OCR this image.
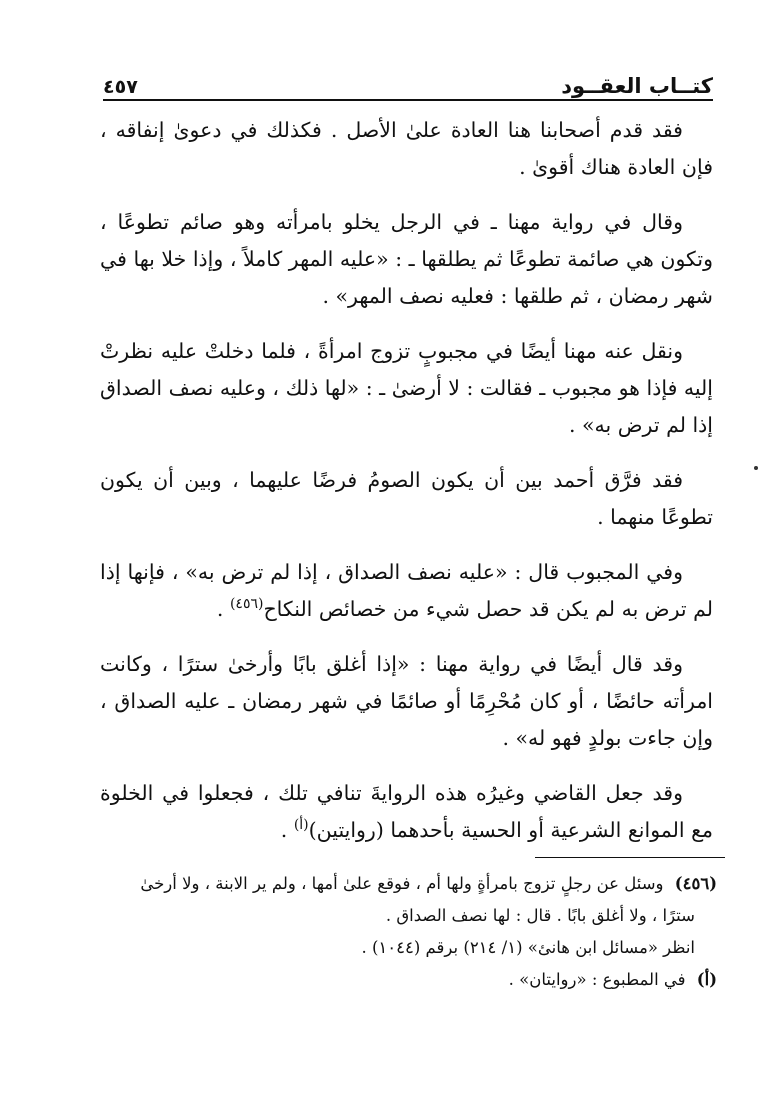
٤٥٧	كتــاب العقــود

فقد قدم أصحابنا هنا العادة علىٰ الأصل . فكذلك في دعوىٰ إنفاقه ، فإن العادة هناك أقوىٰ .

وقال في رواية مهنا ـ في الرجل يخلو بامرأته وهو صائم تطوعًا ، وتكون هي صائمة تطوعًا ثم يطلقها ـ : «عليه المهر كاملاً ، وإذا خلا بها في شهر رمضان ، ثم طلقها : فعليه نصف المهر» .

ونقل عنه مهنا أيضًا في مجبوبٍ تزوج امرأةً ، فلما دخلتْ عليه نظرتْ إليه فإذا هو مجبوب ـ فقالت : لا أرضىٰ ـ : «لها ذلك ، وعليه نصف الصداق إذا لم ترض به» .

فقد فرَّق أحمد بين أن يكون الصومُ فرضًا عليهما ، وبين أن يكون تطوعًا منهما .

وفي المجبوب قال : «عليه نصف الصداق ، إذا لم ترض به» ، فإنها إذا لم ترض به لم يكن قد حصل شيء من خصائص النكاح$^{(٤٥٦)}$ .

وقد قال أيضًا في رواية مهنا : «إذا أغلق بابًا وأرخىٰ سترًا ، وكانت امرأته حائضًا ، أو كان مُحْرِمًا أو صائمًا في شهر رمضان ـ عليه الصداق ، وإن جاءت بولدٍ فهو له» .

وقد جعل القاضي وغيرُه هذه الروايةَ تنافي تلك ، فجعلوا في الخلوة مع الموانع الشرعية أو الحسية بأحدهما (روايتين)$^{(أ)}$ .

(٤٥٦) وسئل عن رجلٍ تزوج بامرأةٍ ولها أم ، فوقع علىٰ أمها ، ولم ير الابنة ، ولا أرخىٰ

سترًا ، ولا أغلق بابًا . قال : لها نصف الصداق .

انظر «مسائل ابن هانئ» (١/ ٢١٤) برقم (١٠٤٤) .

(أ) في المطبوع : «روايتان» .
